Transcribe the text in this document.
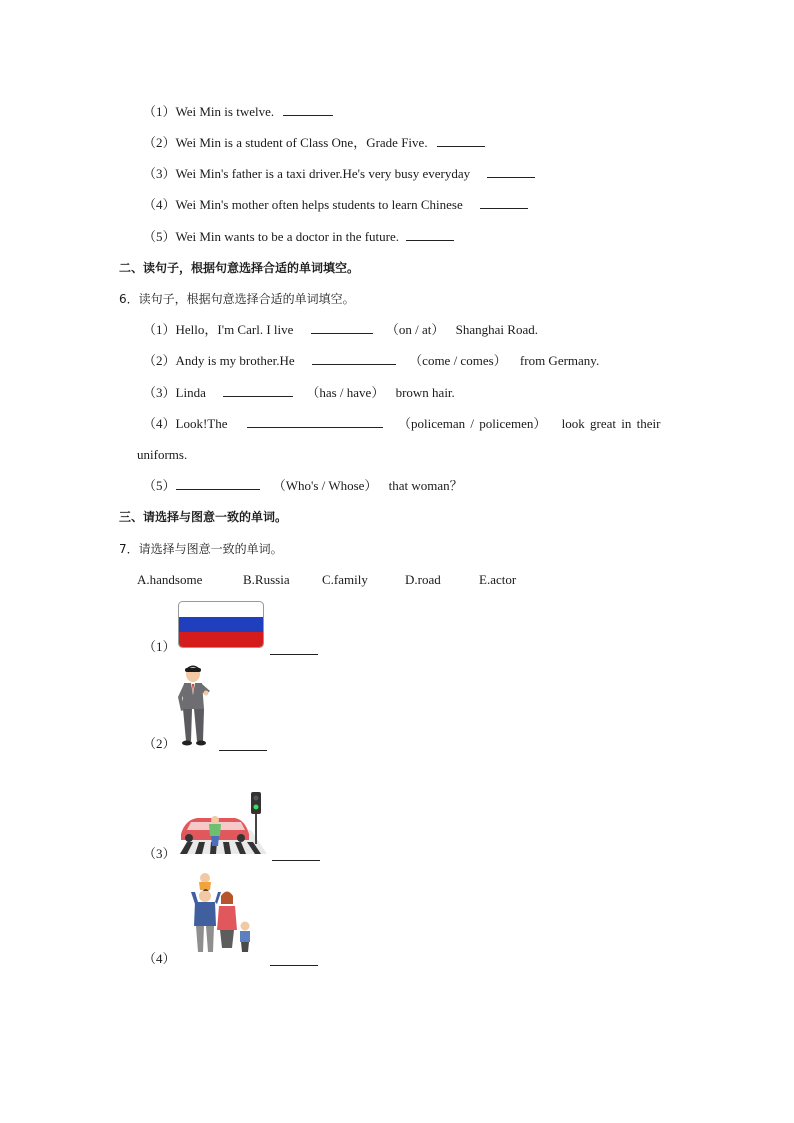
（1）Wei Min is twelve.
（2）Wei Min is a student of Class One，Grade Five.
（3）Wei Min's father is a taxi driver.He's very busy everyday
（4）Wei Min's mother often helps students to learn Chinese
（5）Wei Min wants to be a doctor in the future.
二、读句子，根据句意选择合适的单词填空。
6．读句子，根据句意选择合适的单词填空。
（1）Hello，I'm Carl. I live	（on / at） Shanghai Road.
（2）Andy is my brother.He	（come / comes） from Germany.
（3）Linda	（has / have） brown hair.
（4）Look!The	（policeman / policemen） look great in their
uniforms.
（5）	（Who's / Whose） that woman？
三、请选择与图意一致的单词。
7．请选择与图意一致的单词。
A.handsome	B.Russia C.family	D.road	E.actor
（1）
（2）
（3）
（4）
